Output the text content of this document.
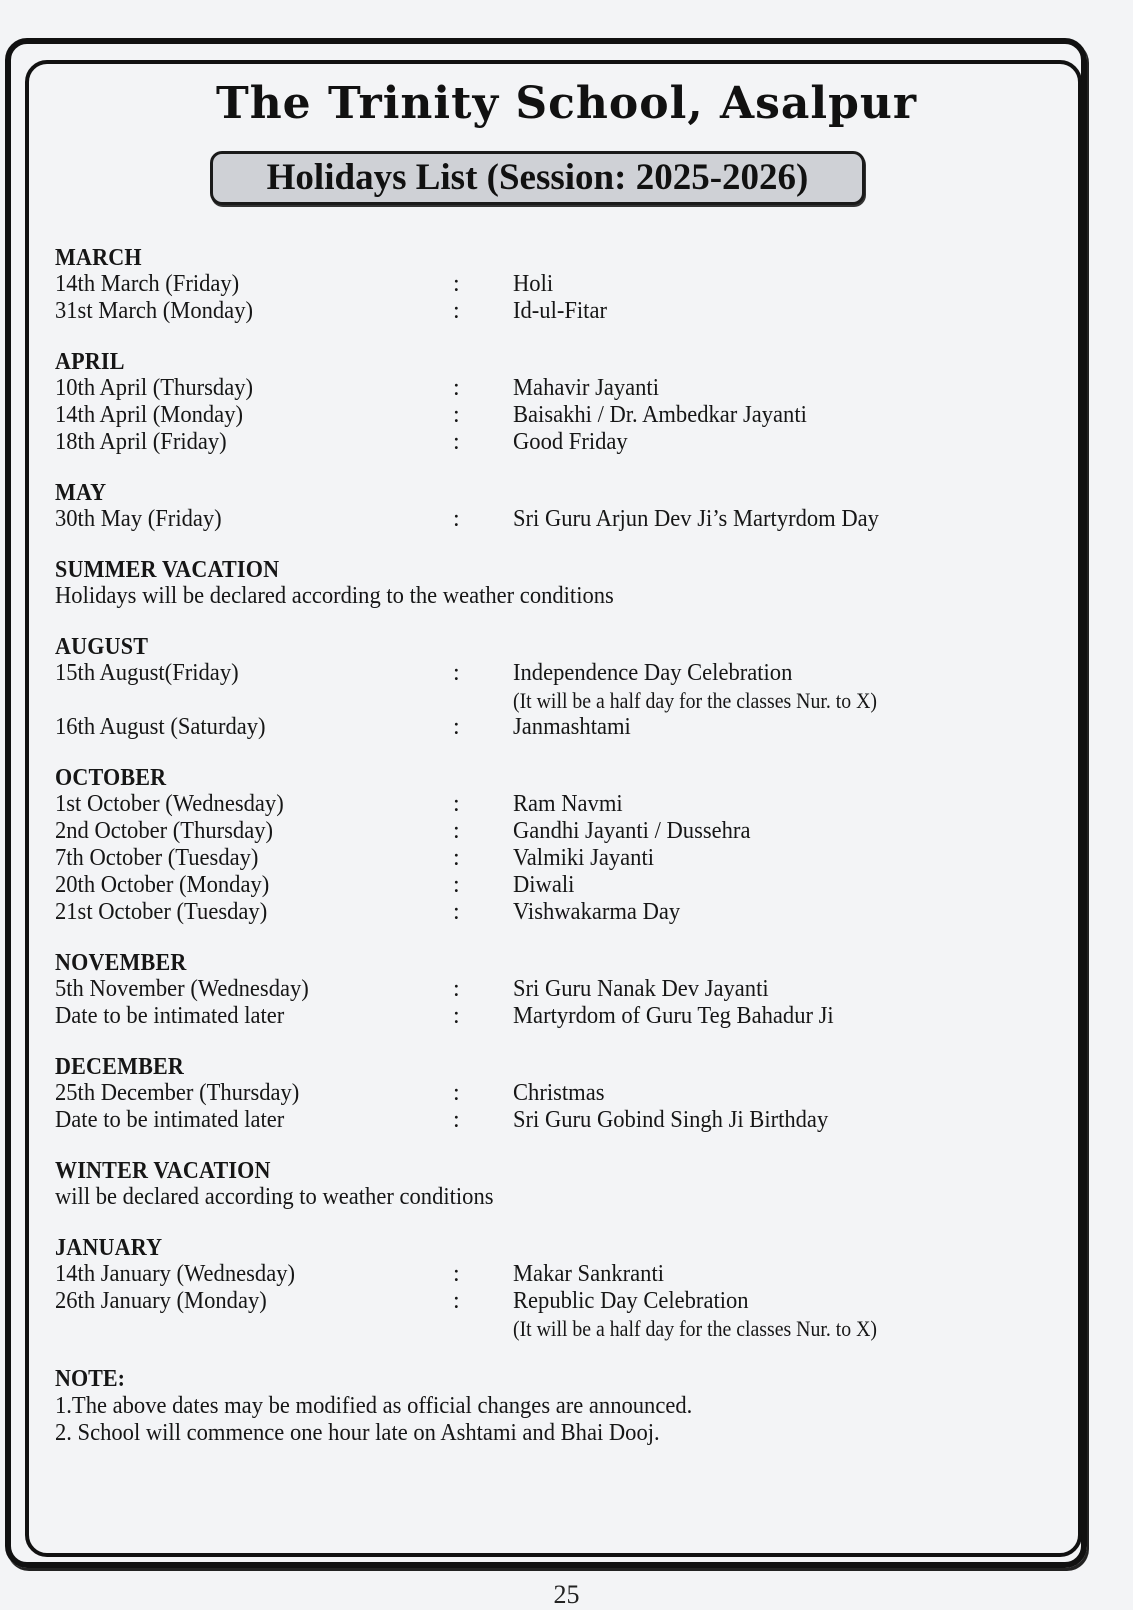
The Trinity School, Asalpur
Holidays List (Session: 2025-2026)
MARCH
14th March (Friday)	:	Holi
31st March (Monday)	:	Id-ul-Fitar
APRIL
10th April (Thursday)	:	Mahavir Jayanti
14th April (Monday)	:	Baisakhi / Dr. Ambedkar Jayanti
18th April (Friday)	:	Good Friday
MAY
30th May (Friday)	:	Sri Guru Arjun Dev Ji’s Martyrdom Day
SUMMER VACATION
Holidays will be declared according to the weather conditions
AUGUST
15th August(Friday)	:	Independence Day Celebration
(It will be a half day for the classes Nur. to X)
16th August (Saturday)	:	Janmashtami
OCTOBER
1st October (Wednesday)	:	Ram Navmi
2nd October (Thursday)	:	Gandhi Jayanti / Dussehra
7th October (Tuesday)	:	Valmiki Jayanti
20th October (Monday)	:	Diwali
21st October (Tuesday)	:	Vishwakarma Day
NOVEMBER
5th November (Wednesday)	:	Sri Guru Nanak Dev Jayanti
Date to be intimated later	:	Martyrdom of Guru Teg Bahadur Ji
DECEMBER
25th December (Thursday)	:	Christmas
Date to be intimated later	:	Sri Guru Gobind Singh Ji Birthday
WINTER VACATION
will be declared according to weather conditions
JANUARY
14th January (Wednesday)	:	Makar Sankranti
26th January (Monday)	:	Republic Day Celebration
(It will be a half day for the classes Nur. to X)
NOTE:
1.The above dates may be modified as official changes are announced.
2. School will commence one hour late on Ashtami and Bhai Dooj.
25
